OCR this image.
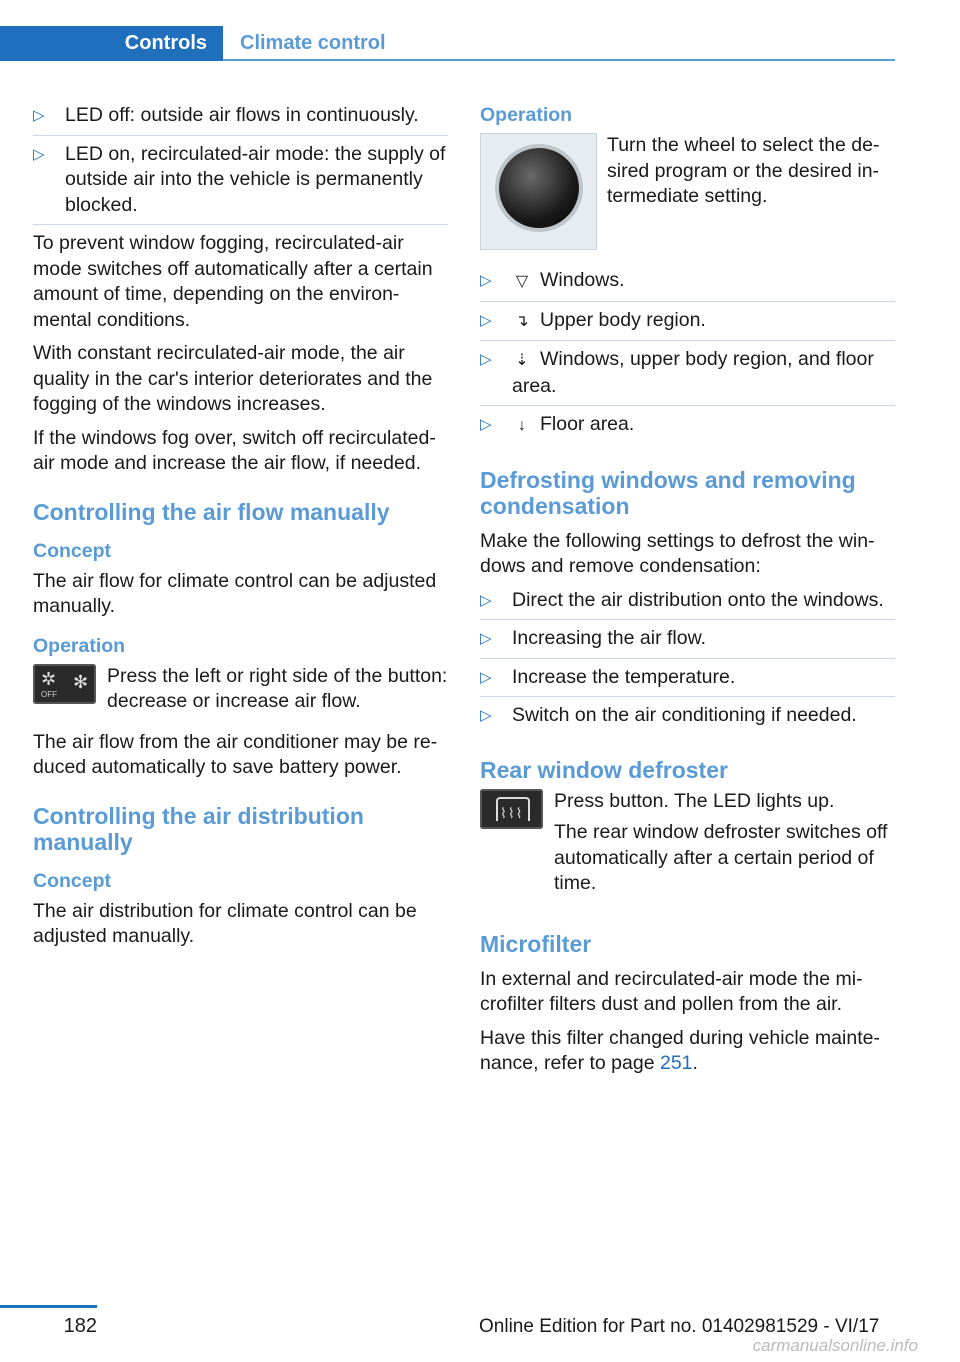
Controls	Climate control
▷ LED off: outside air flows in continuously.
▷ LED on, recirculated-air mode: the supply of outside air into the vehicle is permanently blocked.

To prevent window fogging, recirculated-air mode switches off automatically after a certain amount of time, depending on the environmental conditions.

With constant recirculated-air mode, the air quality in the car's interior deteriorates and the fogging of the windows increases.

If the windows fog over, switch off recirculated-air mode and increase the air flow, if needed.

Controlling the air flow manually
Concept

The air flow for climate control can be adjusted manually.

Operation
✲
OFF
✻ Press the left or right side of the button: decrease or increase air flow.

The air flow from the air conditioner may be reduced automatically to save battery power.

Controlling the air distribution manually
Concept

The air distribution for climate control can be adjusted manually.

Operation
Turn the wheel to select the desired program or the desired intermediate setting.
▷ ▽ Windows.
▷ ↴ Upper body region.
▷ ⇣ Windows, upper body region, and floor area.
▷ ↓ Floor area.
Defrosting windows and removing condensation

Make the following settings to defrost the windows and remove condensation:

▷ Direct the air distribution onto the windows.
▷ Increasing the air flow.
▷ Increase the temperature.
▷ Switch on the air conditioning if needed.
Rear window defroster
⌇⌇⌇
Press button. The LED lights up.
The rear window defroster switches off automatically after a certain period of time.
Microfilter

In external and recirculated-air mode the microfilter filters dust and pollen from the air.

Have this filter changed during vehicle maintenance, refer to page 251.

182	Online Edition for Part no. 01402981529 - VI/17
carmanualsonline.info
